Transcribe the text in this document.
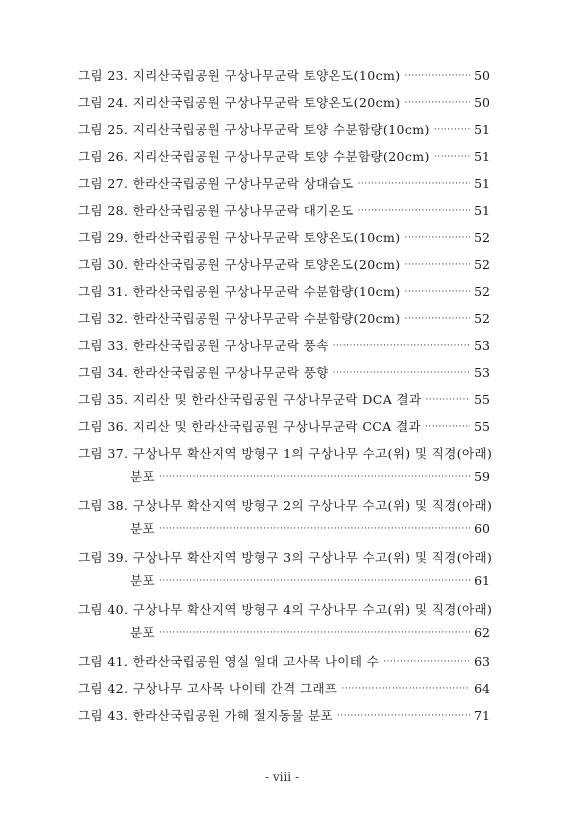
그림 23. 지리산국립공원 구상나무군락 토양온도(10cm) ·····	50
그림 24. 지리산국립공원 구상나무군락 토양온도(20cm) ·····	50
그림 25. 지리산국립공원 구상나무군락 토양 수분함량(10cm) ·····	51
그림 26. 지리산국립공원 구상나무군락 토양 수분함량(20cm) ·····	51
그림 27. 한라산국립공원 구상나무군락 상대습도 ·····	51
그림 28. 한라산국립공원 구상나무군락 대기온도 ·····	51
그림 29. 한라산국립공원 구상나무군락 토양온도(10cm) ·····	52
그림 30. 한라산국립공원 구상나무군락 토양온도(20cm) ·····	52
그림 31. 한라산국립공원 구상나무군락 수분함량(10cm) ·····	52
그림 32. 한라산국립공원 구상나무군락 수분함량(20cm) ·····	52
그림 33. 한라산국립공원 구상나무군락 풍속 ·····	53
그림 34. 한라산국립공원 구상나무군락 풍향 ·····	53
그림 35. 지리산 및 한라산국립공원 구상나무군락 DCA 결과 ·····	55
그림 36. 지리산 및 한라산국립공원 구상나무군락 CCA 결과 ·····	55
그림 37. 구상나무 확산지역 방형구 1의 구상나무 수고(위) 및 직경(아래)
분포 ·····	59
그림 38. 구상나무 확산지역 방형구 2의 구상나무 수고(위) 및 직경(아래)
분포 ·····	60
그림 39. 구상나무 확산지역 방형구 3의 구상나무 수고(위) 및 직경(아래)
분포 ·····	61
그림 40. 구상나무 확산지역 방형구 4의 구상나무 수고(위) 및 직경(아래)
분포 ·····	62
그림 41. 한라산국립공원 영실 일대 고사목 나이테 수 ·····	63
그림 42. 구상나무 고사목 나이테 간격 그래프 ·····	64
그림 43. 한라산국립공원 가해 절지동물 분포 ·····	71
- viii -
